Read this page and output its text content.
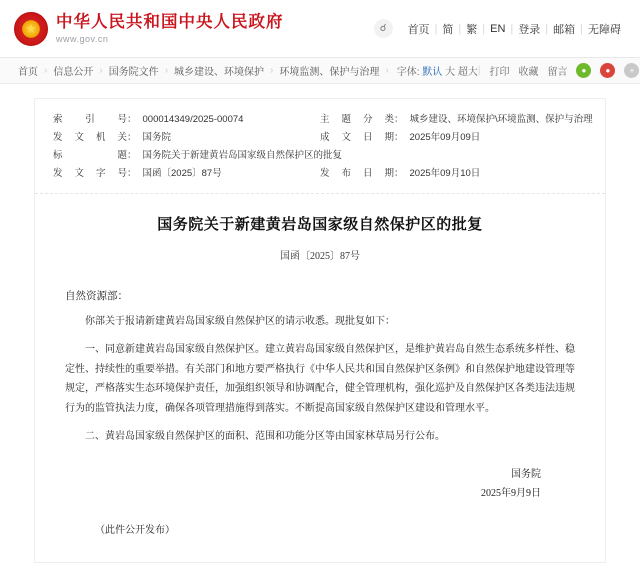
★
中华人民共和国中央人民政府
www.gov.cn
☌	首页 | 简 | 繁 | EN | 登录 | 邮箱 | 无障碍
首页 › 信息公开 › 国务院文件 › 城乡建设、环境保护 › 环境监测、保护与治理 › 字体: 默认 大 超大 | 打印 收藏 留言	●	●	+
索引号 ： 000014349/2025-00074	主题分类 ： 城乡建设、环境保护\环境监测、保护与治理
发文机关 ： 国务院	成文日期 ： 2025年09月09日
标题 ： 国务院关于新建黄岩岛国家级自然保护区的批复
发文字号 ： 国函〔2025〕87号	发布日期 ： 2025年09月10日
国务院关于新建黄岩岛国家级自然保护区的批复
国函〔2025〕87号
自然资源部：
你部关于报请新建黄岩岛国家级自然保护区的请示收悉。现批复如下：
一、同意新建黄岩岛国家级自然保护区。建立黄岩岛国家级自然保护区，是维护黄岩岛自然生态系统多样性、稳定性、持续性的重要举措。有关部门和地方要严格执行《中华人民共和国自然保护区条例》和自然保护地建设管理等规定，严格落实生态环境保护责任，加强组织领导和协调配合，健全管理机构，强化巡护及自然保护区各类违法违规行为的监管执法力度，确保各项管理措施得到落实。不断提高国家级自然保护区建设和管理水平。
二、黄岩岛国家级自然保护区的面积、范围和功能分区等由国家林草局另行公布。
国务院
2025年9月9日
（此件公开发布）
